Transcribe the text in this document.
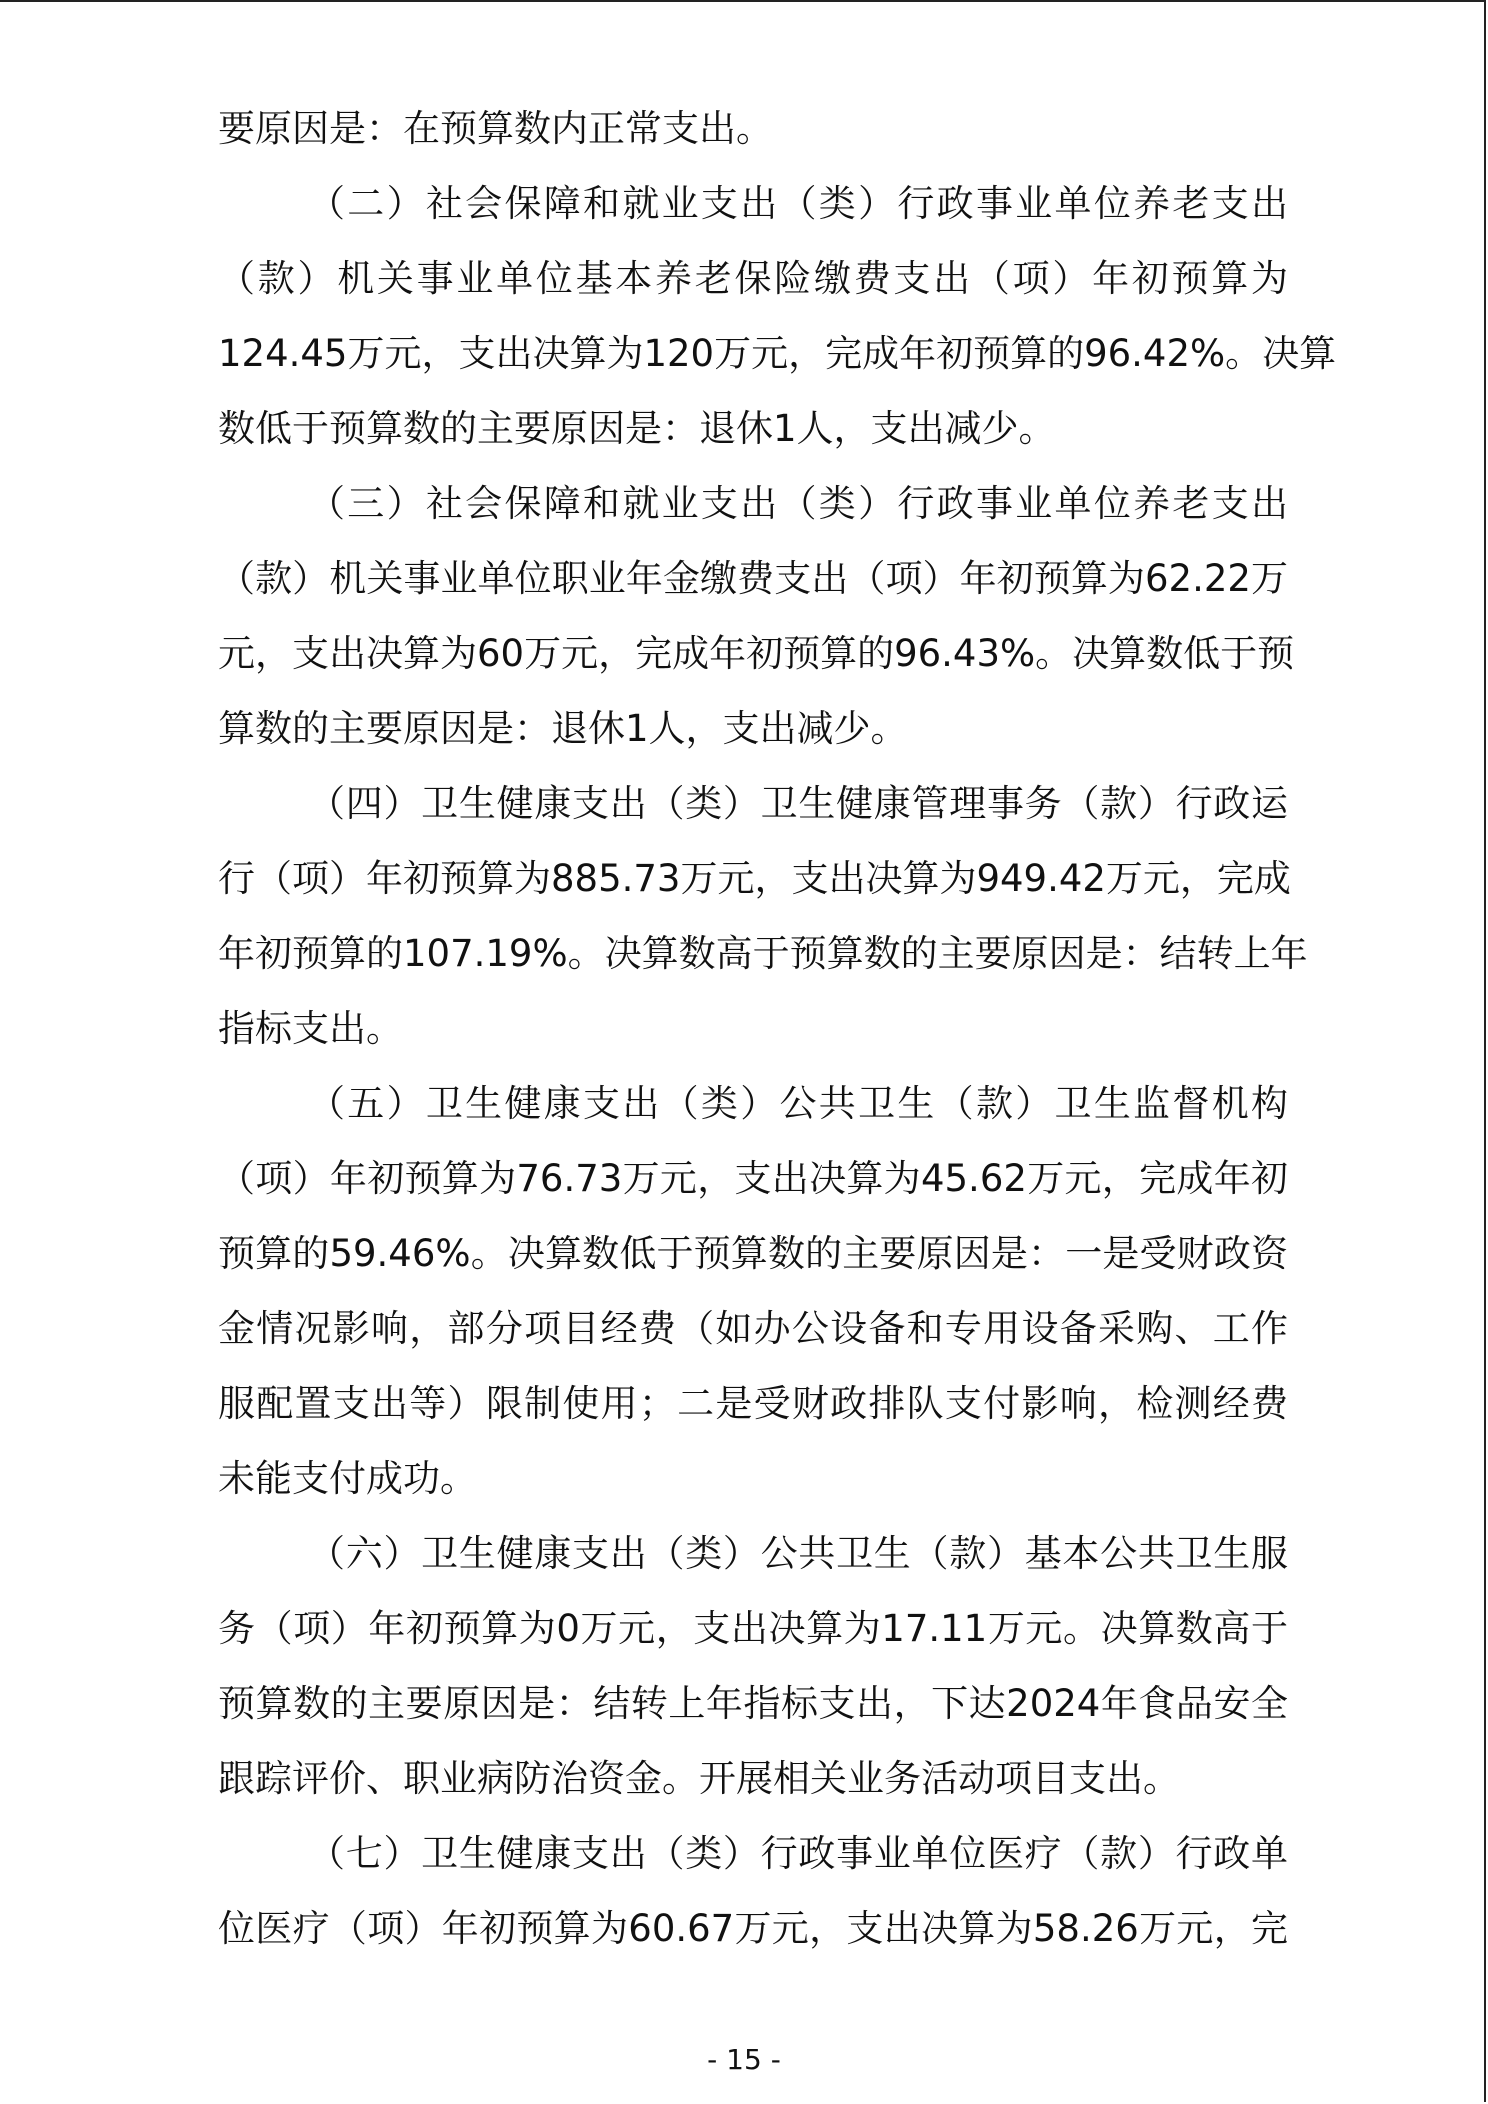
要原因是：在预算数内正常支出。
（二）社会保障和就业支出（类）行政事业单位养老支出
（款）机关事业单位基本养老保险缴费支出（项）年初预算为
124.45万元，支出决算为120万元，完成年初预算的96.42%。决算
数低于预算数的主要原因是：退休1人，支出减少。
（三）社会保障和就业支出（类）行政事业单位养老支出
（款）机关事业单位职业年金缴费支出（项）年初预算为62.22万
元，支出决算为60万元，完成年初预算的96.43%。决算数低于预
算数的主要原因是：退休1人，支出减少。
（四）卫生健康支出（类）卫生健康管理事务（款）行政运
行（项）年初预算为885.73万元，支出决算为949.42万元，完成
年初预算的107.19%。决算数高于预算数的主要原因是：结转上年
指标支出。
（五）卫生健康支出（类）公共卫生（款）卫生监督机构
（项）年初预算为76.73万元，支出决算为45.62万元，完成年初
预算的59.46%。决算数低于预算数的主要原因是：一是受财政资
金情况影响，部分项目经费（如办公设备和专用设备采购、工作
服配置支出等）限制使用；二是受财政排队支付影响，检测经费
未能支付成功。
（六）卫生健康支出（类）公共卫生（款）基本公共卫生服
务（项）年初预算为0万元，支出决算为17.11万元。决算数高于
预算数的主要原因是：结转上年指标支出，下达2024年食品安全
跟踪评价、职业病防治资金。开展相关业务活动项目支出。
（七）卫生健康支出（类）行政事业单位医疗（款）行政单
位医疗（项）年初预算为60.67万元，支出决算为58.26万元，完
- 15 -
